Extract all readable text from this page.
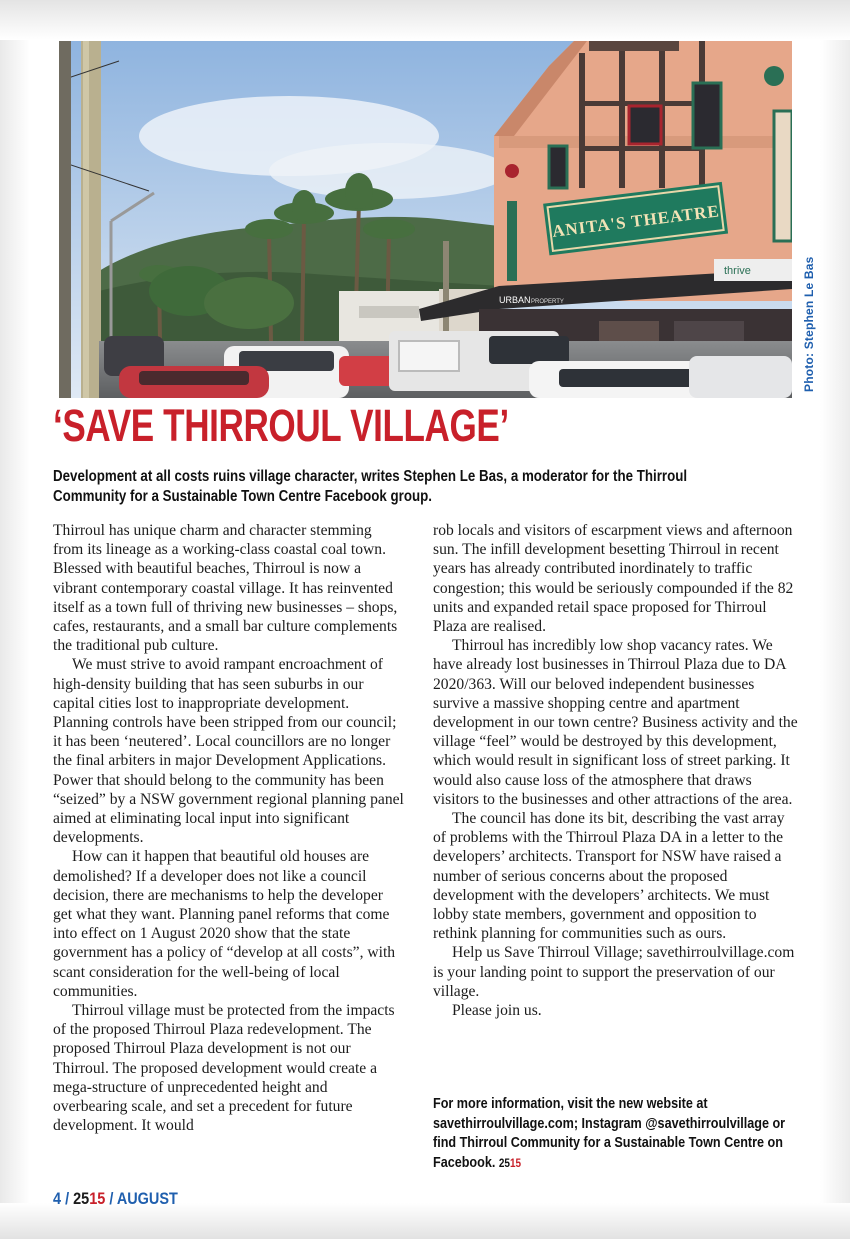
ANITA'S THEATRE
URBAN PROPERTY
thrive	Photo: Stephen Le Bas
‘SAVE THIRROUL VILLAGE’

Development at all costs ruins village character, writes Stephen Le Bas, a moderator for the Thirroul Community for a Sustainable Town Centre Facebook group.

Thirroul has unique charm and character stemming from its lineage as a working-class coastal coal town. Blessed with beautiful beaches, Thirroul is now a vibrant contemporary coastal village. It has reinvented itself as a town full of thriving new businesses – shops, cafes, restaurants, and a small bar culture complements the traditional pub culture.

We must strive to avoid rampant encroachment of high-density building that has seen suburbs in our capital cities lost to inappropriate development. Planning controls have been stripped from our council; it has been ‘neutered’. Local councillors are no longer the final arbiters in major Development Applications. Power that should belong to the community has been “seized” by a NSW government regional planning panel aimed at eliminating local input into significant developments.

How can it happen that beautiful old houses are demolished? If a developer does not like a council decision, there are mechanisms to help the developer get what they want. Planning panel reforms that come into effect on 1 August 2020 show that the state government has a policy of “develop at all costs”, with scant consideration for the well-being of local communities.

Thirroul village must be protected from the impacts of the proposed Thirroul Plaza redevelopment. The proposed Thirroul Plaza development is not our Thirroul. The proposed development would create a mega-structure of unprecedented height and overbearing scale, and set a precedent for future development. It would

rob locals and visitors of escarpment views and afternoon sun. The infill development besetting Thirroul in recent years has already contributed inordinately to traffic congestion; this would be seriously compounded if the 82 units and expanded retail space proposed for Thirroul Plaza are realised.

Thirroul has incredibly low shop vacancy rates. We have already lost businesses in Thirroul Plaza due to DA 2020/363. Will our beloved independent businesses survive a massive shopping centre and apartment development in our town centre? Business activity and the village “feel” would be destroyed by this development, which would result in significant loss of street parking. It would also cause loss of the atmosphere that draws visitors to the businesses and other attractions of the area.

The council has done its bit, describing the vast array of problems with the Thirroul Plaza DA in a letter to the developers’ architects. Transport for NSW have raised a number of serious concerns about the proposed development with the developers’ architects. We must lobby state members, government and opposition to rethink planning for communities such as ours.

Help us Save Thirroul Village; savethirroulvillage.com is your landing point to support the preservation of our village.

Please join us.

For more information, visit the new website at savethirroulvillage.com; Instagram @savethirroulvillage or find Thirroul Community for a Sustainable Town Centre on Facebook. 2515

4 / 2515 / AUGUST
